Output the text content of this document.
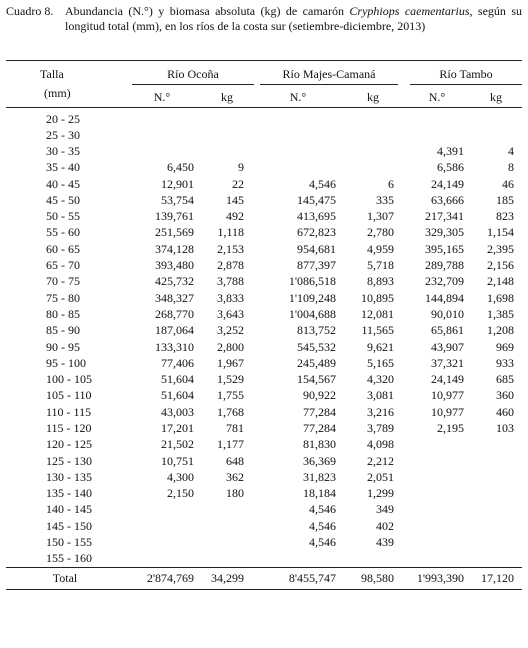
Cuadro 8. Abundancia (N.°) y biomasa absoluta (kg) de camarón Cryphiops caementarius, según su longitud total (mm), en los ríos de la costa sur (setiembre-diciembre, 2013)
Talla
(mm)	Río Ocoña		Río Majes-Camaná		Río Tambo	

	N.°	kg	N.°	kg	N.°	kg
20 - 25						
25 - 30						
30 - 35					4,391	4
35 - 40	6,450	9			6,586	8
40 - 45	12,901	22	4,546	6	24,149	46
45 - 50	53,754	145	145,475	335	63,666	185
50 - 55	139,761	492	413,695	1,307	217,341	823
55 - 60	251,569	1,118	672,823	2,780	329,305	1,154
60 - 65	374,128	2,153	954,681	4,959	395,165	2,395
65 - 70	393,480	2,878	877,397	5,718	289,788	2,156
70 - 75	425,732	3,788	1'086,518	8,893	232,709	2,148
75 - 80	348,327	3,833	1'109,248	10,895	144,894	1,698
80 - 85	268,770	3,643	1'004,688	12,081	90,010	1,385
85 - 90	187,064	3,252	813,752	11,565	65,861	1,208
90 - 95	133,310	2,800	545,532	9,621	43,907	969
95 - 100	77,406	1,967	245,489	5,165	37,321	933
100 - 105	51,604	1,529	154,567	4,320	24,149	685
105 - 110	51,604	1,755	90,922	3,081	10,977	360
110 - 115	43,003	1,768	77,284	3,216	10,977	460
115 - 120	17,201	781	77,284	3,789	2,195	103
120 - 125	21,502	1,177	81,830	4,098		
125 - 130	10,751	648	36,369	2,212		
130 - 135	4,300	362	31,823	2,051		
135 - 140	2,150	180	18,184	1,299		
140 - 145			4,546	349		
145 - 150			4,546	402		
150 - 155			4,546	439		
155 - 160						
Total	2'874,769	34,299	8'455,747	98,580	1'993,390	17,120
